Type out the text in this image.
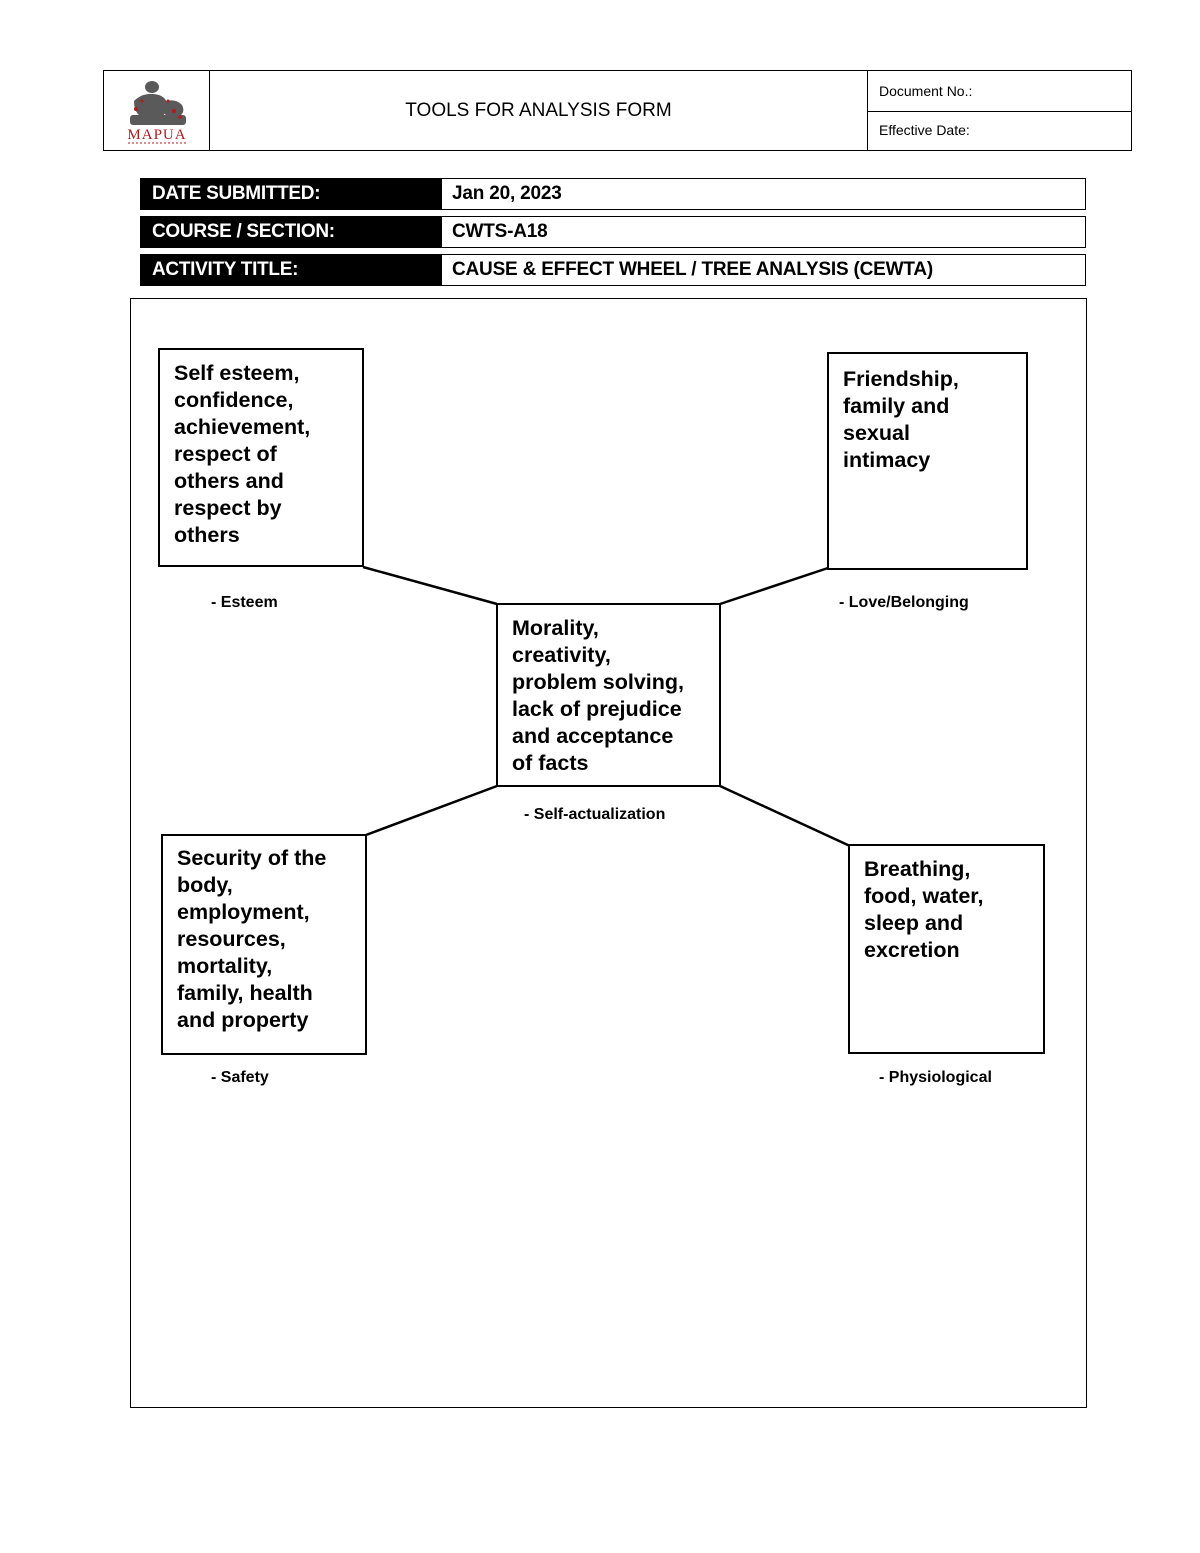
MAPUA
TOOLS FOR ANALYSIS FORM
Document No.:
Effective Date:
DATE SUBMITTED:	Jan 20, 2023
COURSE / SECTION:	CWTS-A18
ACTIVITY TITLE:	CAUSE & EFFECT WHEEL / TREE ANALYSIS (CEWTA)
Self esteem,
confidence,
achievement,
respect of
others and
respect by
others
- Esteem
Friendship,
family and
sexual
intimacy
- Love/Belonging
Morality,
creativity,
problem solving,
lack of prejudice
and acceptance
of facts
- Self-actualization
Security of the
body,
employment,
resources,
mortality,
family, health
and property
- Safety
Breathing,
food, water,
sleep and
excretion
- Physiological
